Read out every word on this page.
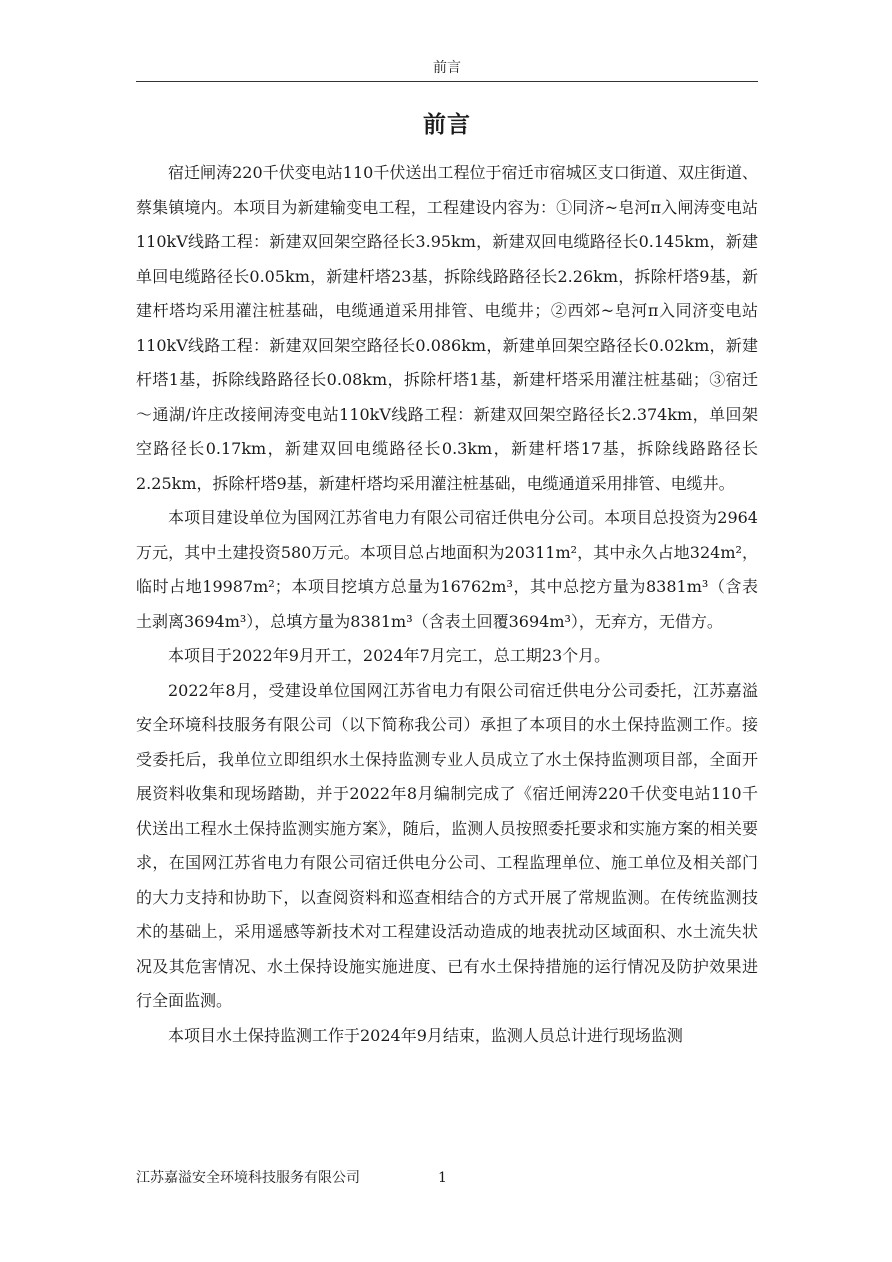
前言
前言

宿迁闸涛220千伏变电站110千伏送出工程位于宿迁市宿城区支口街道、双庄街道、蔡集镇境内。本项目为新建输变电工程，工程建设内容为：①同济~皂河π入闸涛变电站110kV线路工程：新建双回架空路径长3.95km，新建双回电缆路径长0.145km，新建单回电缆路径长0.05km，新建杆塔23基，拆除线路路径长2.26km，拆除杆塔9基，新建杆塔均采用灌注桩基础，电缆通道采用排管、电缆井；②西郊~皂河π入同济变电站110kV线路工程：新建双回架空路径长0.086km，新建单回架空路径长0.02km，新建杆塔1基，拆除线路路径长0.08km，拆除杆塔1基，新建杆塔采用灌注桩基础；③宿迁～通湖/许庄改接闸涛变电站110kV线路工程：新建双回架空路径长2.374km，单回架空路径长0.17km，新建双回电缆路径长0.3km，新建杆塔17基，拆除线路路径长2.25km，拆除杆塔9基，新建杆塔均采用灌注桩基础，电缆通道采用排管、电缆井。

本项目建设单位为国网江苏省电力有限公司宿迁供电分公司。本项目总投资为2964万元，其中土建投资580万元。本项目总占地面积为20311m²，其中永久占地324m²，临时占地19987m²；本项目挖填方总量为16762m³，其中总挖方量为8381m³（含表土剥离3694m³），总填方量为8381m³（含表土回覆3694m³），无弃方，无借方。

本项目于2022年9月开工，2024年7月完工，总工期23个月。

2022年8月，受建设单位国网江苏省电力有限公司宿迁供电分公司委托，江苏嘉溢安全环境科技服务有限公司（以下简称我公司）承担了本项目的水土保持监测工作。接受委托后，我单位立即组织水土保持监测专业人员成立了水土保持监测项目部，全面开展资料收集和现场踏勘，并于2022年8月编制完成了《宿迁闸涛220千伏变电站110千伏送出工程水土保持监测实施方案》，随后，监测人员按照委托要求和实施方案的相关要求，在国网江苏省电力有限公司宿迁供电分公司、工程监理单位、施工单位及相关部门的大力支持和协助下，以查阅资料和巡查相结合的方式开展了常规监测。在传统监测技术的基础上，采用遥感等新技术对工程建设活动造成的地表扰动区域面积、水土流失状况及其危害情况、水土保持设施实施进度、已有水土保持措施的运行情况及防护效果进行全面监测。

本项目水土保持监测工作于2024年9月结束，监测人员总计进行现场监测

江苏嘉溢安全环境科技服务有限公司	1
